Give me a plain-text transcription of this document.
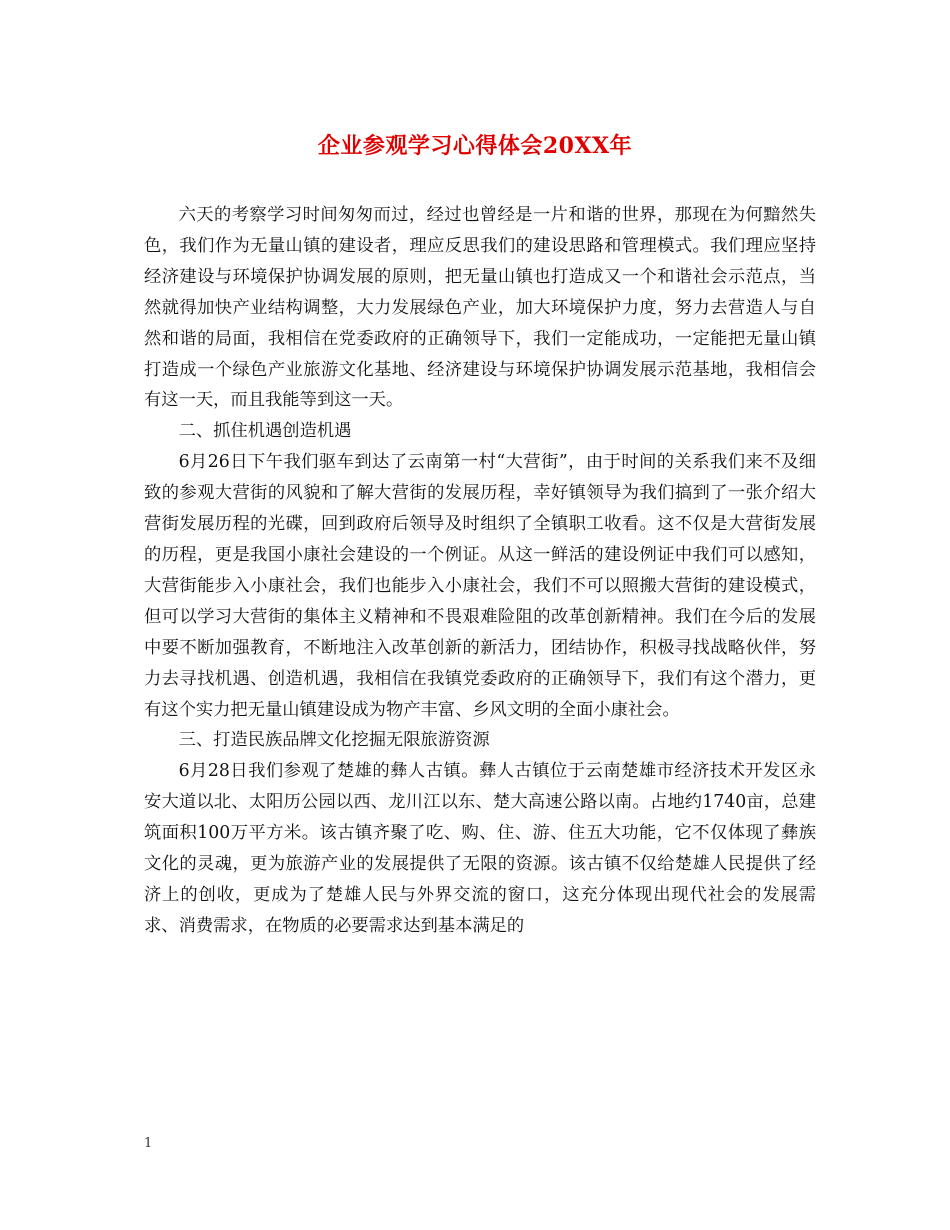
企业参观学习心得体会20XX年

六天的考察学习时间匆匆而过，经过也曾经是一片和谐的世界，那现在为何黯然失色，我们作为无量山镇的建设者，理应反思我们的建设思路和管理模式。我们理应坚持经济建设与环境保护协调发展的原则，把无量山镇也打造成又一个和谐社会示范点，当然就得加快产业结构调整，大力发展绿色产业，加大环境保护力度，努力去营造人与自然和谐的局面，我相信在党委政府的正确领导下，我们一定能成功，一定能把无量山镇打造成一个绿色产业旅游文化基地、经济建设与环境保护协调发展示范基地，我相信会有这一天，而且我能等到这一天。

二、抓住机遇创造机遇

6月26日下午我们驱车到达了云南第一村“大营街”，由于时间的关系我们来不及细致的参观大营街的风貌和了解大营街的发展历程，幸好镇领导为我们搞到了一张介绍大营街发展历程的光碟，回到政府后领导及时组织了全镇职工收看。这不仅是大营街发展的历程，更是我国小康社会建设的一个例证。从这一鲜活的建设例证中我们可以感知，大营街能步入小康社会，我们也能步入小康社会，我们不可以照搬大营街的建设模式，但可以学习大营街的集体主义精神和不畏艰难险阻的改革创新精神。我们在今后的发展中要不断加强教育，不断地注入改革创新的新活力，团结协作，积极寻找战略伙伴，努力去寻找机遇、创造机遇，我相信在我镇党委政府的正确领导下，我们有这个潜力，更有这个实力把无量山镇建设成为物产丰富、乡风文明的全面小康社会。

三、打造民族品牌文化挖掘无限旅游资源

6月28日我们参观了楚雄的彝人古镇。彝人古镇位于云南楚雄市经济技术开发区永安大道以北、太阳历公园以西、龙川江以东、楚大高速公路以南。占地约1740亩，总建筑面积100万平方米。该古镇齐聚了吃、购、住、游、住五大功能，它不仅体现了彝族文化的灵魂，更为旅游产业的发展提供了无限的资源。该古镇不仅给楚雄人民提供了经济上的创收，更成为了楚雄人民与外界交流的窗口，这充分体现出现代社会的发展需求、消费需求，在物质的必要需求达到基本满足的

1
